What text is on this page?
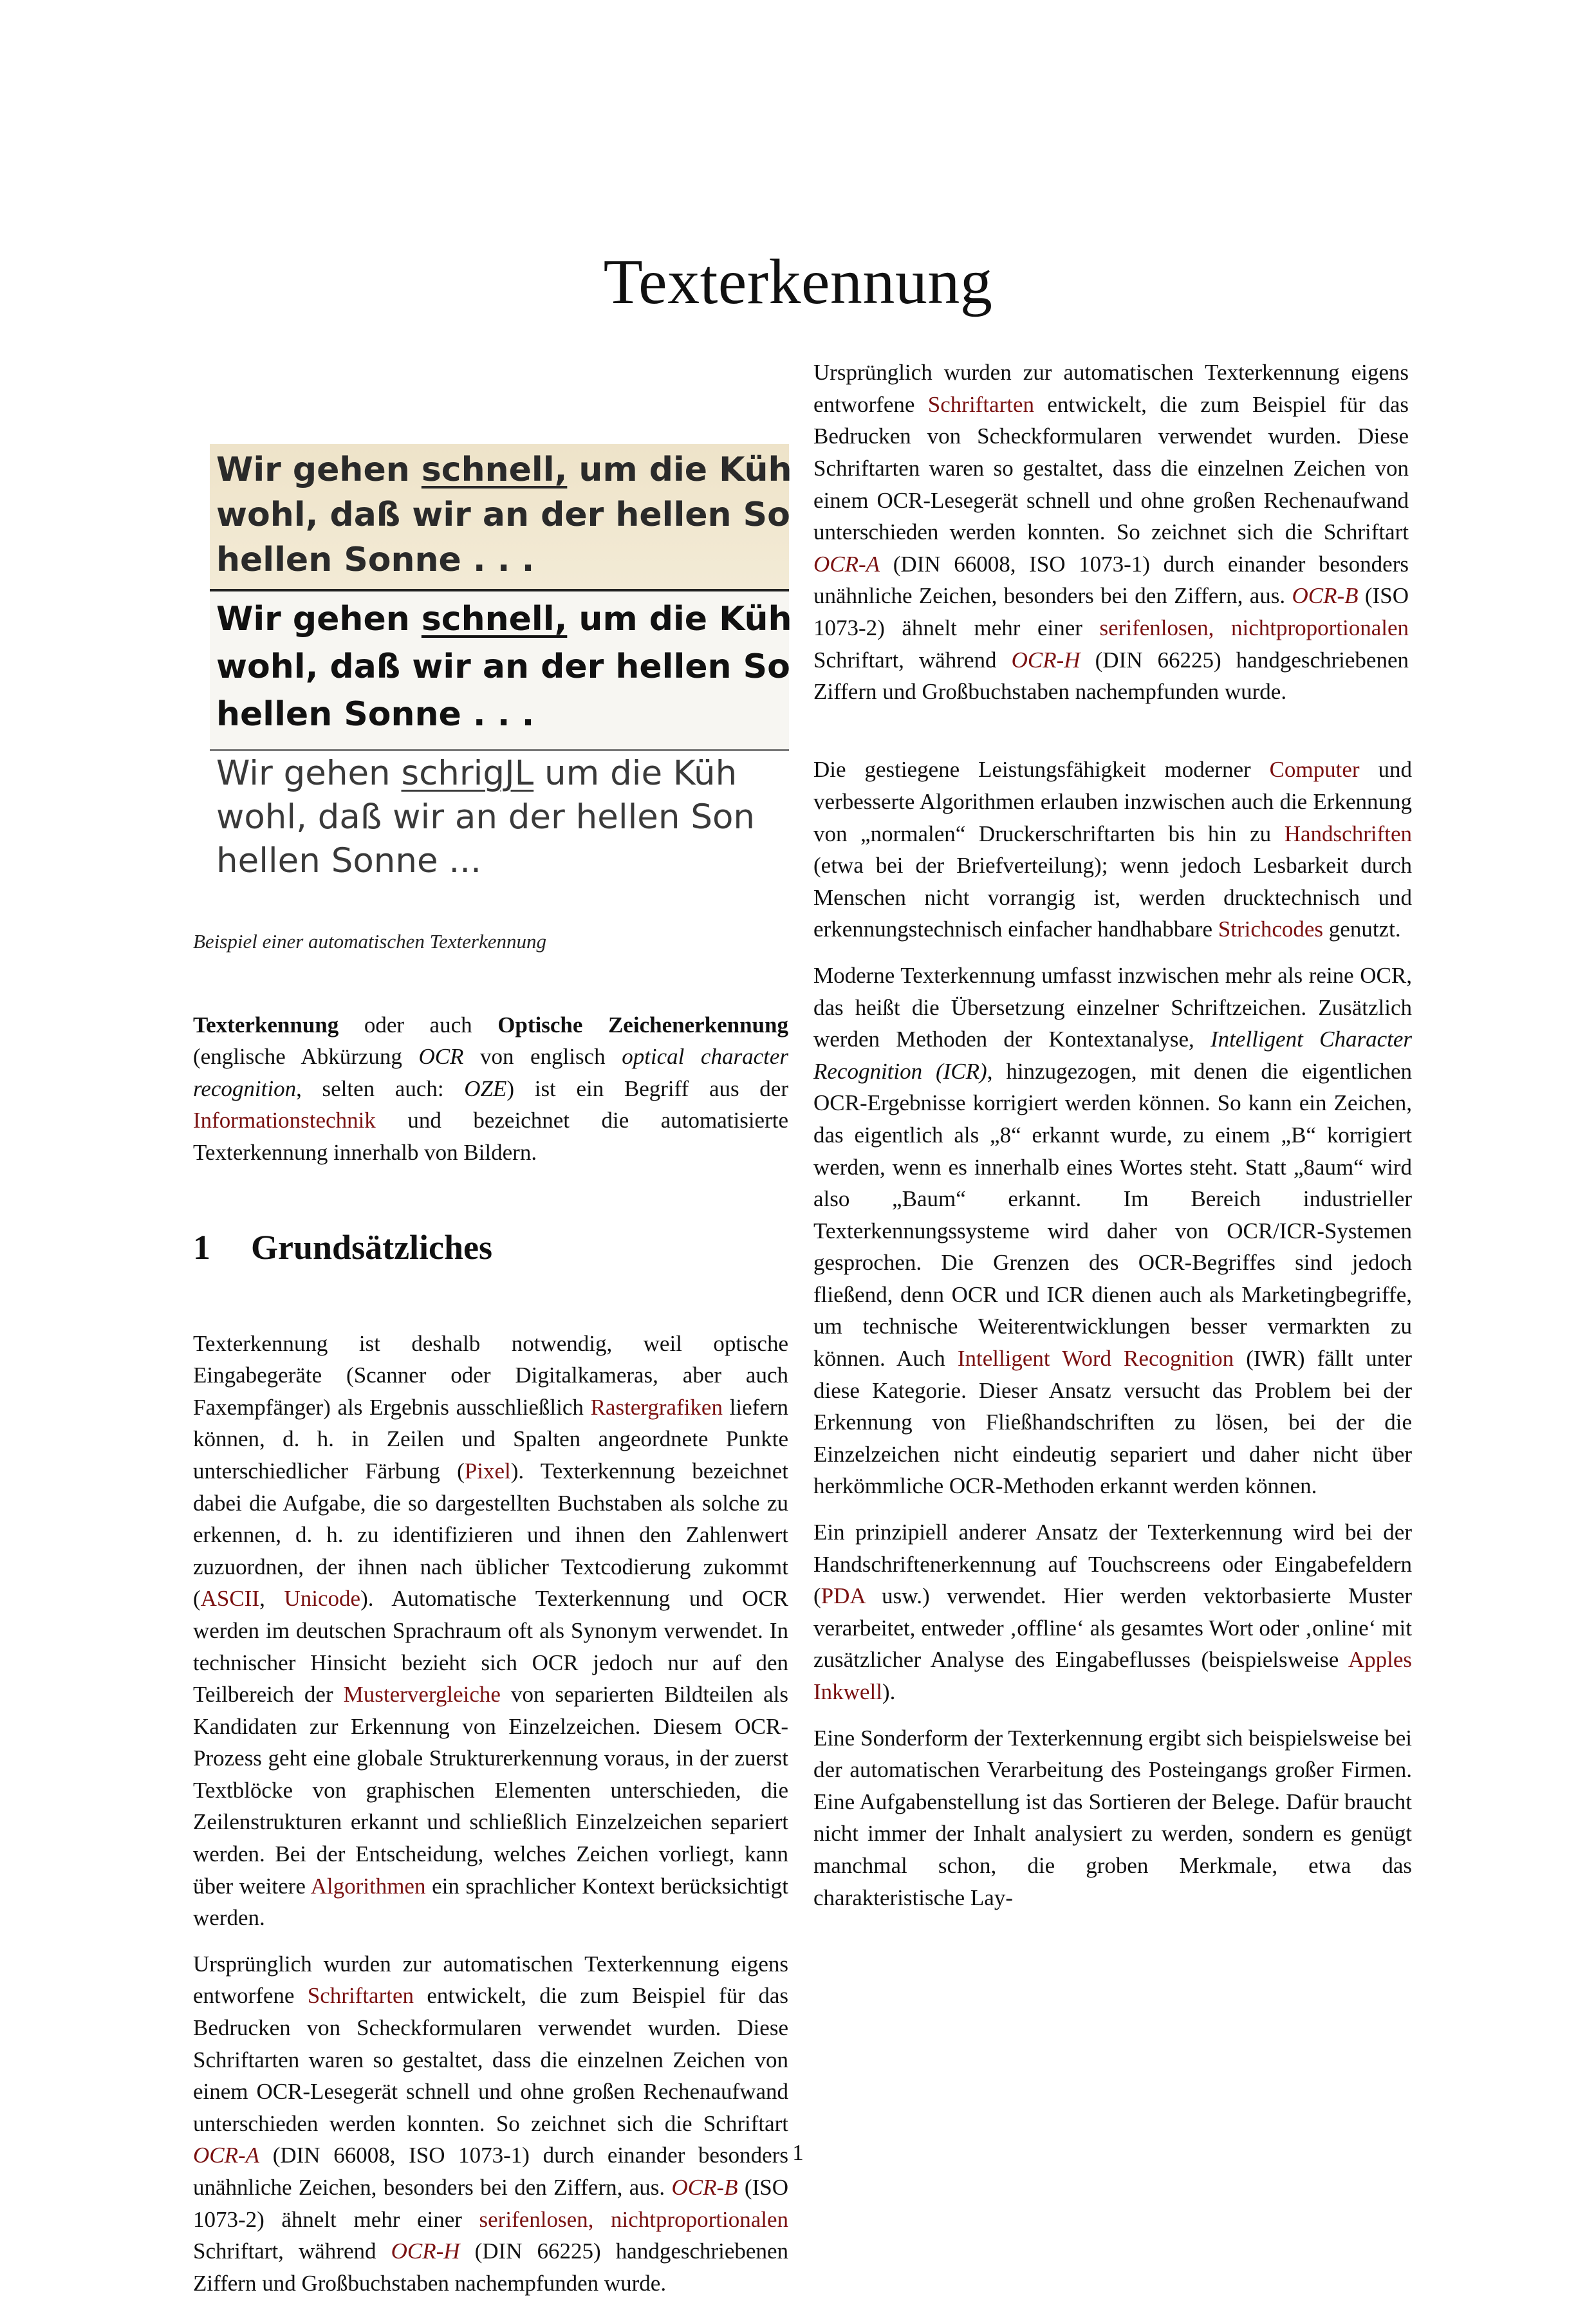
Texterkennung
Wir gehen schnell, um die Küh
wohl, daß wir an der hellen So
hellen Sonne . . .
Wir gehen schnell, um die Küh
wohl, daß wir an der hellen So
hellen Sonne . . .
Wir gehen schrigJL um die Küh
wohl, daß wir an der hellen Son
hellen Sonne ...

Beispiel einer automatischen Texterkennung

Texterkennung oder auch Optische Zeichenerkennung (englische Abkürzung OCR von englisch optical character recognition, selten auch: OZE) ist ein Begriff aus der Informationstechnik und bezeichnet die automatisierte Texterkennung innerhalb von Bildern.

1 Grundsätzliches

Texterkennung ist deshalb notwendig, weil optische Eingabegeräte (Scanner oder Digitalkameras, aber auch Faxempfänger) als Ergebnis ausschließlich Rastergrafiken liefern können, d. h. in Zeilen und Spalten angeordnete Punkte unterschiedlicher Färbung (Pixel). Texterkennung bezeichnet dabei die Aufgabe, die so dargestellten Buchstaben als solche zu erkennen, d. h. zu identifizieren und ihnen den Zahlenwert zuzuordnen, der ihnen nach üblicher Textcodierung zukommt (ASCII, Unicode). Automatische Texterkennung und OCR werden im deutschen Sprachraum oft als Synonym verwendet. In technischer Hinsicht bezieht sich OCR jedoch nur auf den Teilbereich der Mustervergleiche von separierten Bildteilen als Kandidaten zur Erkennung von Einzelzeichen. Diesem OCR-Prozess geht eine globale Strukturerkennung voraus, in der zuerst Textblöcke von graphischen Elementen unterschieden, die Zeilenstrukturen erkannt und schließlich Einzelzeichen separiert werden. Bei der Entscheidung, welches Zeichen vorliegt, kann über weitere Algorithmen ein sprachlicher Kontext berücksichtigt werden.

Ursprünglich wurden zur automatischen Texterkennung eigens entworfene Schriftarten entwickelt, die zum Beispiel für das Bedrucken von Scheckformularen verwendet wurden. Diese Schriftarten waren so gestaltet, dass die einzelnen Zeichen von einem OCR-Lesegerät schnell und ohne großen Rechenaufwand unterschieden werden konnten. So zeichnet sich die Schriftart OCR-A (DIN 66008, ISO 1073-1) durch einander besonders unähnliche Zeichen, besonders bei den Ziffern, aus. OCR-B (ISO 1073-2) ähnelt mehr einer serifenlosen, nichtproportionalen Schriftart, während OCR-H (DIN 66225) handgeschriebenen Ziffern und Großbuchstaben nachempfunden wurde.

Ursprünglich wurden zur automatischen Texterkennung eigens entworfene Schriftarten entwickelt, die zum Beispiel für das Bedrucken von Scheckformularen verwendet wurden. Diese Schriftarten waren so gestaltet, dass die einzelnen Zeichen von einem OCR-Lesegerät schnell und ohne großen Rechenaufwand unterschieden werden konnten. So zeichnet sich die Schriftart OCR-A (DIN 66008, ISO 1073-1) durch einander besonders unähnliche Zeichen, besonders bei den Ziffern, aus. OCR-B (ISO 1073-2) ähnelt mehr einer serifenlosen, nichtproportionalen Schriftart, während OCR-H (DIN 66225) handgeschriebenen Ziffern und Großbuchstaben nachempfunden wurde.

Die gestiegene Leistungsfähigkeit moderner Computer und verbesserte Algorithmen erlauben inzwischen auch die Erkennung von „normalen“ Druckerschriftarten bis hin zu Handschriften (etwa bei der Briefverteilung); wenn jedoch Lesbarkeit durch Menschen nicht vorrangig ist, werden drucktechnisch und erkennungstechnisch einfacher handhabbare Strichcodes genutzt.

Moderne Texterkennung umfasst inzwischen mehr als reine OCR, das heißt die Übersetzung einzelner Schriftzeichen. Zusätzlich werden Methoden der Kontextanalyse, Intelligent Character Recognition (ICR), hinzugezogen, mit denen die eigentlichen OCR-Ergebnisse korrigiert werden können. So kann ein Zeichen, das eigentlich als „8“ erkannt wurde, zu einem „B“ korrigiert werden, wenn es innerhalb eines Wortes steht. Statt „8aum“ wird also „Baum“ erkannt. Im Bereich industrieller Texterkennungssysteme wird daher von OCR/ICR-Systemen gesprochen. Die Grenzen des OCR-Begriffes sind jedoch fließend, denn OCR und ICR dienen auch als Marketingbegriffe, um technische Weiterentwicklungen besser vermarkten zu können. Auch Intelligent Word Recognition (IWR) fällt unter diese Kategorie. Dieser Ansatz versucht das Problem bei der Erkennung von Fließhandschriften zu lösen, bei der die Einzelzeichen nicht eindeutig separiert und daher nicht über herkömmliche OCR-Methoden erkannt werden können.

Ein prinzipiell anderer Ansatz der Texterkennung wird bei der Handschriftenerkennung auf Touchscreens oder Eingabefeldern (PDA usw.) verwendet. Hier werden vektorbasierte Muster verarbeitet, entweder ‚offline‘ als gesamtes Wort oder ‚online‘ mit zusätzlicher Analyse des Eingabeflusses (beispielsweise Apples Inkwell).

Eine Sonderform der Texterkennung ergibt sich beispielsweise bei der automatischen Verarbeitung des Posteingangs großer Firmen. Eine Aufgabenstellung ist das Sortieren der Belege. Dafür braucht nicht immer der Inhalt analysiert zu werden, sondern es genügt manchmal schon, die groben Merkmale, etwa das charakteristische Lay-

1
